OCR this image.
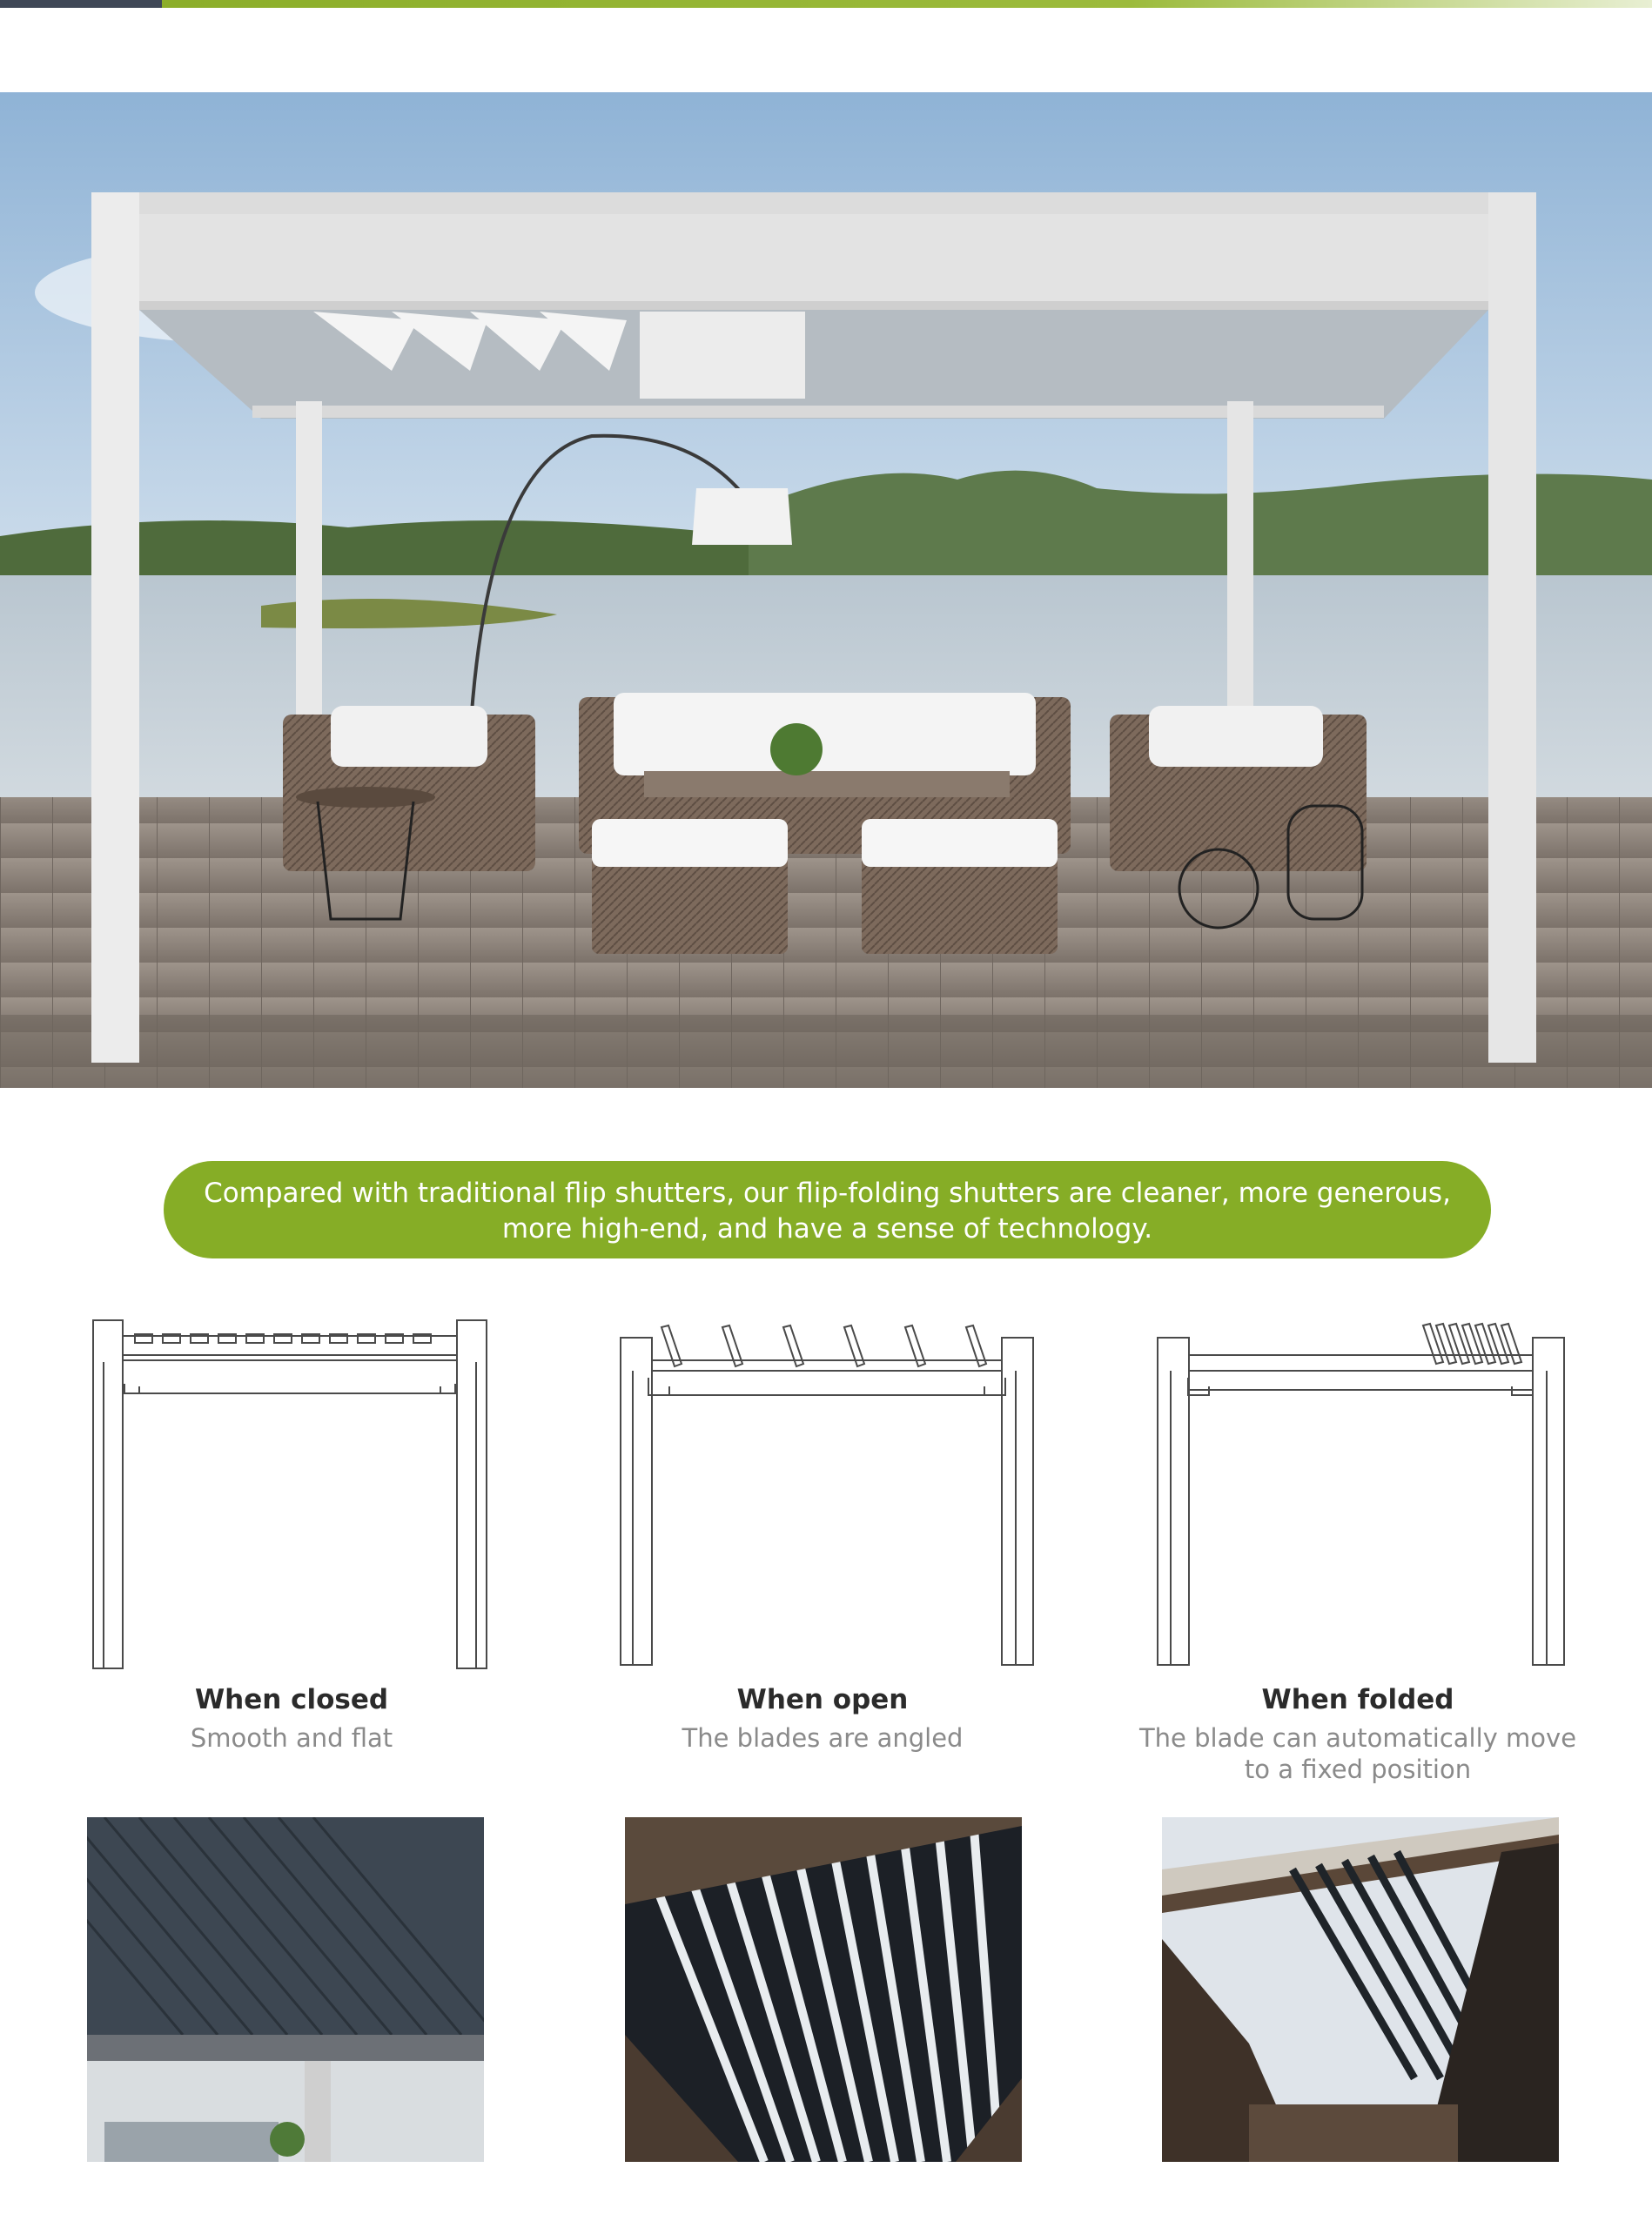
Compared with traditional flip shutters, our flip-folding shutters are cleaner, more generous,
more high-end, and have a sense of technology.
When closed
Smooth and flat
When open
The blades are angled
When folded
The blade can automatically move
to a fixed position
